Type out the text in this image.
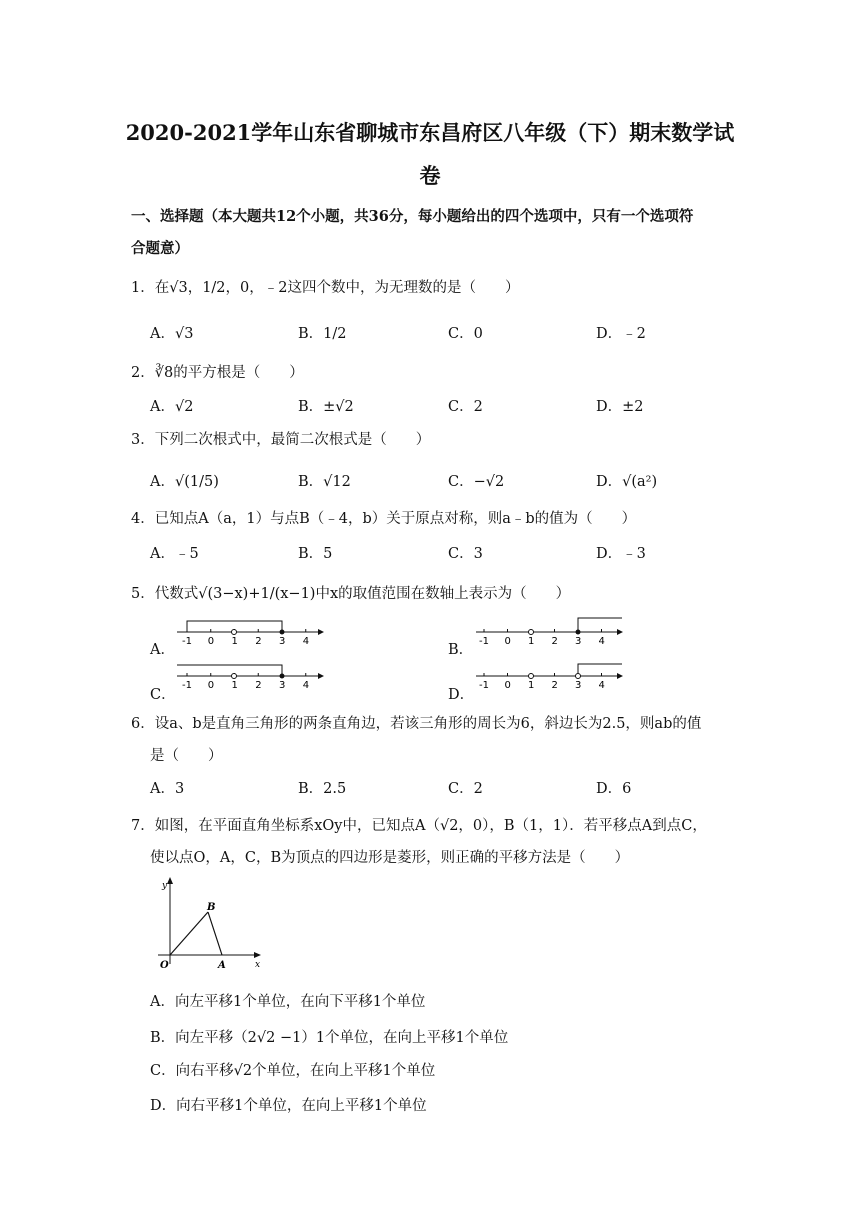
2020-2021学年山东省聊城市东昌府区八年级（下）期末数学试
卷
一、选择题（本大题共12个小题，共36分，每小题给出的四个选项中，只有一个选项符
合题意）
1．在√3，1/2，0，﹣2这四个数中，为无理数的是（　　）
A．√3	B．1/2	C．0	D．﹣2
2．∛8的平方根是（　　）
A．√2	B．±√2	C．2	D．±2
3．下列二次根式中，最简二次根式是（　　）
A．√(1/5)	B．√12	C．−√2	D．√(a²)
4．已知点A（a，1）与点B（﹣4，b）关于原点对称，则a﹣b的值为（　　）
A．﹣5	B．5	C．3	D．﹣3
5．代数式√(3−x)+1/(x−1)中x的取值范围在数轴上表示为（　　）
A．
-1 0 1 2 3 4
B．
-1 0 1 2 3 4
C．
-1 0 1 2 3 4
D．
-1 0 1 2 3 4
6．设a、b是直角三角形的两条直角边，若该三角形的周长为6，斜边长为2.5，则ab的值
是（　　）
A．3	B．2.5	C．2	D．6
7．如图，在平面直角坐标系xOy中，已知点A（√2，0），B（1，1）．若平移点A到点C，
使以点O，A，C，B为顶点的四边形是菱形，则正确的平移方法是（　　）
y
x
O	A
B
A．向左平移1个单位，在向下平移1个单位
B．向左平移（2√2 −1）1个单位，在向上平移1个单位
C．向右平移√2个单位，在向上平移1个单位
D．向右平移1个单位，在向上平移1个单位
